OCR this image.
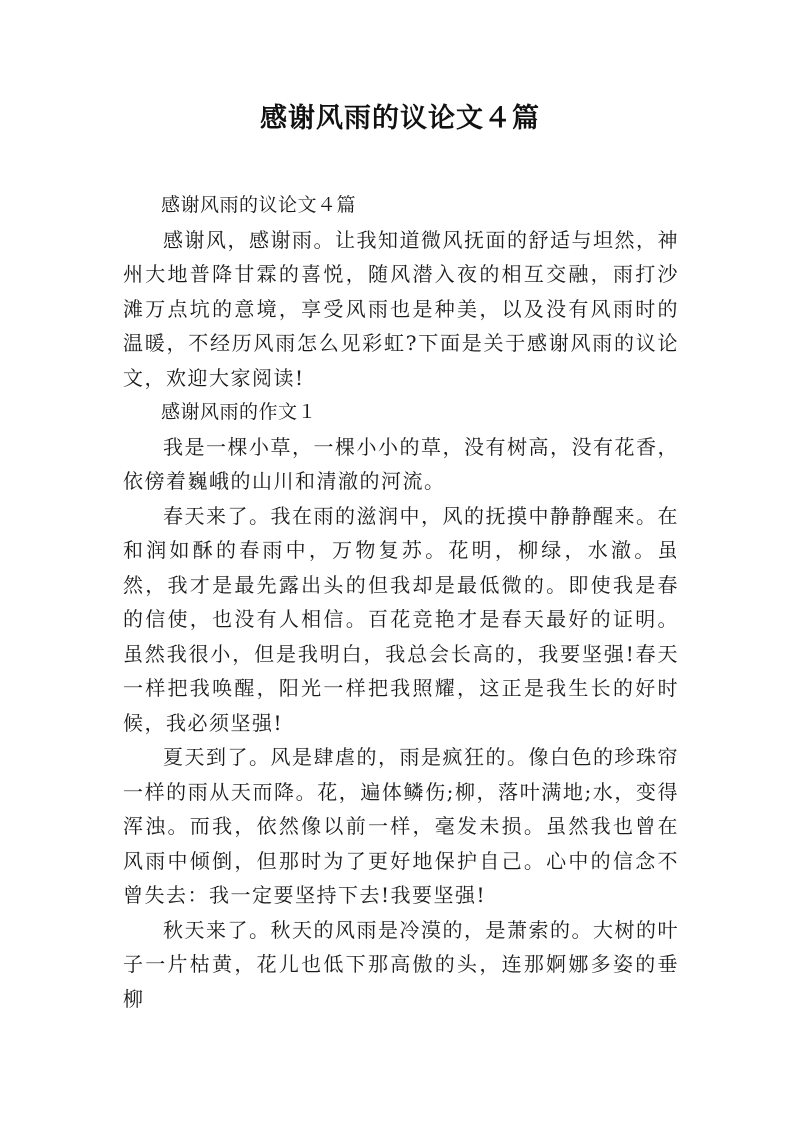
感谢风雨的议论文４篇

感谢风雨的议论文４篇

感谢风，感谢雨。让我知道微风抚面的舒适与坦然，神州大地普降甘霖的喜悦，随风潜入夜的相互交融，雨打沙滩万点坑的意境，享受风雨也是种美，以及没有风雨时的温暖，不经历风雨怎么见彩虹?下面是关于感谢风雨的议论文，欢迎大家阅读!

感谢风雨的作文１

我是一棵小草，一棵小小的草，没有树高，没有花香，依傍着巍峨的山川和清澈的河流。

春天来了。我在雨的滋润中，风的抚摸中静静醒来。在和润如酥的春雨中，万物复苏。花明，柳绿，水澈。虽然，我才是最先露出头的但我却是最低微的。即使我是春的信使，也没有人相信。百花竞艳才是春天最好的证明。虽然我很小，但是我明白，我总会长高的，我要坚强!春天一样把我唤醒，阳光一样把我照耀，这正是我生长的好时候，我必须坚强!

夏天到了。风是肆虐的，雨是疯狂的。像白色的珍珠帘一样的雨从天而降。花，遍体鳞伤;柳，落叶满地;水，变得浑浊。而我，依然像以前一样，毫发未损。虽然我也曾在风雨中倾倒，但那时为了更好地保护自己。心中的信念不曾失去：我一定要坚持下去!我要坚强!

秋天来了。秋天的风雨是冷漠的，是萧索的。大树的叶子一片枯黄，花儿也低下那高傲的头，连那婀娜多姿的垂柳
